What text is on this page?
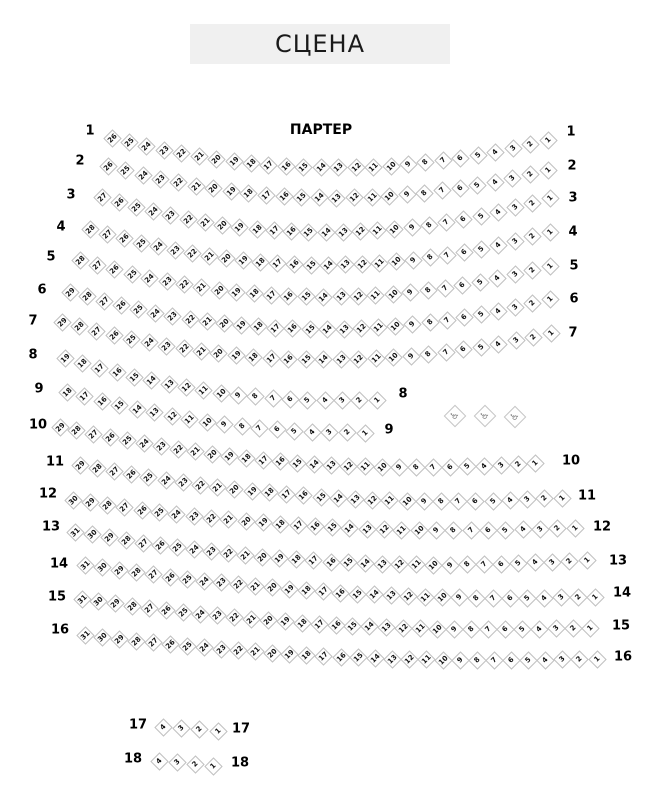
СЦЕНА
ПАРТЕР
26 25 24 23 22 21 20 19 18 17 16 15 14 13 12 11 10 9 8 7 6 5 4 3 2 1
1	1
26 25 24 23 22 21 20 19 18 17 16 15 14 13 12 11 10 9 8 7 6 5 4 3 2 1
2	2
27 26 25 24 23 22 21 20 19 18 17 16 15 14 13 12 11 10 9 8 7 6 5 4 3
2
1
3	3
28 27 26 25 24 23 22 21 20 19 18 17 16 15 14 13 12 11 10 9 8 7 6 5 4 3 2
1
4	4
28 27 26 25 24 23 22 21 20 19 18 17 16 15 14 13 12 11 10 9 8 7 6 5 4 3 2
1
5
5
29 28 27 26 25 24 23 22 21 20 19 18 17 16 15 14 13 12 11 10 9 8 7 6 5 4 3 2 1
6
6
29 28 27 26 25 24 23 22 21 20 19 18 17 16 15 14 13 12 11 10 9 8 7 6 5 4 3 2 1
7
7
19 18 17 16 15 14 13 12 11 10 9 8 7 6 5 4 3 2 1
8
8
18 17 16 15 14 13 12 11 10 9 8 7 6 5 4 3 2 1
9
9
29 28 27 26 25 24 23 22 21 20 19 18 17 16 15 14 13 12 11 10 9 8 7 6 5 4 3 2 1
10
10
29 28 27 26 25 24 23 22 21 20 19 18 17 16 15 14 13 12 11 10 9 8 7 6 5 4 3 2 1
11
11
30 29 28 27 26 25 24 23 22 21 20 19 18 17 16 15 14 13 12 11 10 9 8 7 6 5 4 3 2 1
12
12
31 30 29 28 27 26 25 24 23 22 21 20 19 18 17 16 15 14 13 12 11 10 9 8 7 6 5 4 3 2 1
13
13
31 30 29 28 27 26 25 24 23 22 21 20 19 18 17 16 15 14 13 12 11 10 9 8 7 6 5 4 3 2 1
14
14
31 30 29 28 27 26 25 24 23 22 21 20 19 18 17 16 15 14 13 12 11 10 9 8 7 6 5 4 3 2 1
15
15
31 30 29 28 27 26 25 24 23 22 21 20 19 18 17 16 15 14 13 12 11 10 9 8 7 6 5 4 3 2 1
16
16
4 3 2 1
17	17
4 3 2 1
18	18
♿ ♿ ♿
